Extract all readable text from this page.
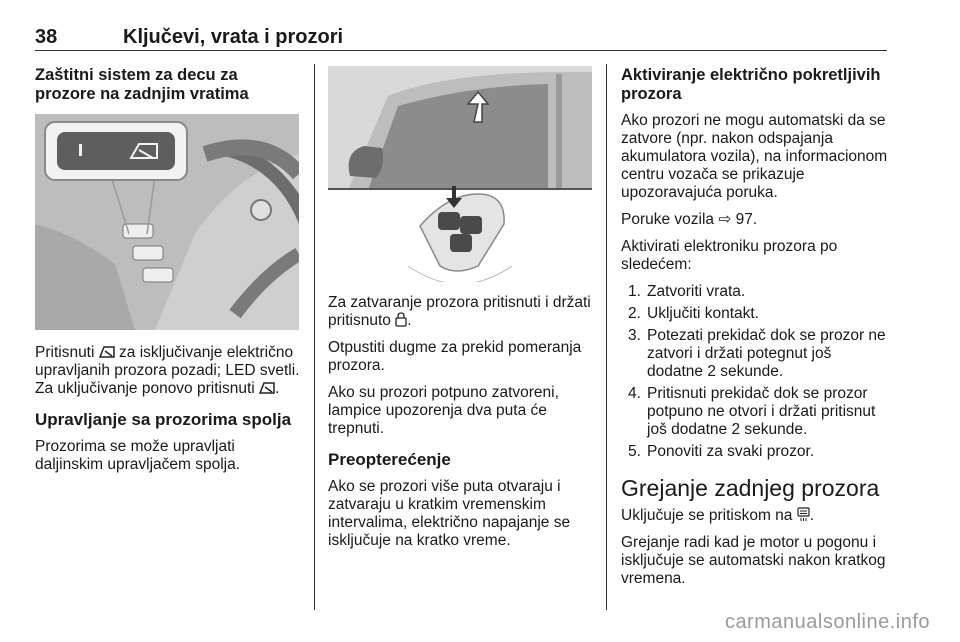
38	Ključevi, vrata i prozori
Zaštitni sistem za decu za prozore na zadnjim vratima

Pritisnuti  za isključivanje električno upravljanih prozora pozadi; LED svetli. Za uključivanje ponovo pritisnuti .

Upravljanje sa prozorima spolja

Prozorima se može upravljati daljinskim upravljačem spolja.

Za zatvaranje prozora pritisnuti i držati pritisnuto .

Otpustiti dugme za prekid pomeranja prozora.

Ako su prozori potpuno zatvoreni, lampice upozorenja dva puta će trepnuti.

Preopterećenje

Ako se prozori više puta otvaraju i zatvaraju u kratkim vremenskim intervalima, električno napajanje se isključuje na kratko vreme.

Aktiviranje električno pokretljivih prozora

Ako prozori ne mogu automatski da se zatvore (npr. nakon odspajanja akumulatora vozila), na informacionom centru vozača se prikazuje upozoravajuća poruka.

Poruke vozila ⇨ 97.

Aktivirati elektroniku prozora po sledećem:

1. Zatvoriti vrata.
2. Uključiti kontakt.
3. Potezati prekidač dok se prozor ne zatvori i držati potegnut još dodatne 2 sekunde.
4. Pritisnuti prekidač dok se prozor potpuno ne otvori i držati pritisnut još dodatne 2 sekunde.
5. Ponoviti za svaki prozor.
Grejanje zadnjeg prozora

Uključuje se pritiskom na .

Grejanje radi kad je motor u pogonu i isključuje se automatski nakon kratkog vremena.

carmanualsonline.info
